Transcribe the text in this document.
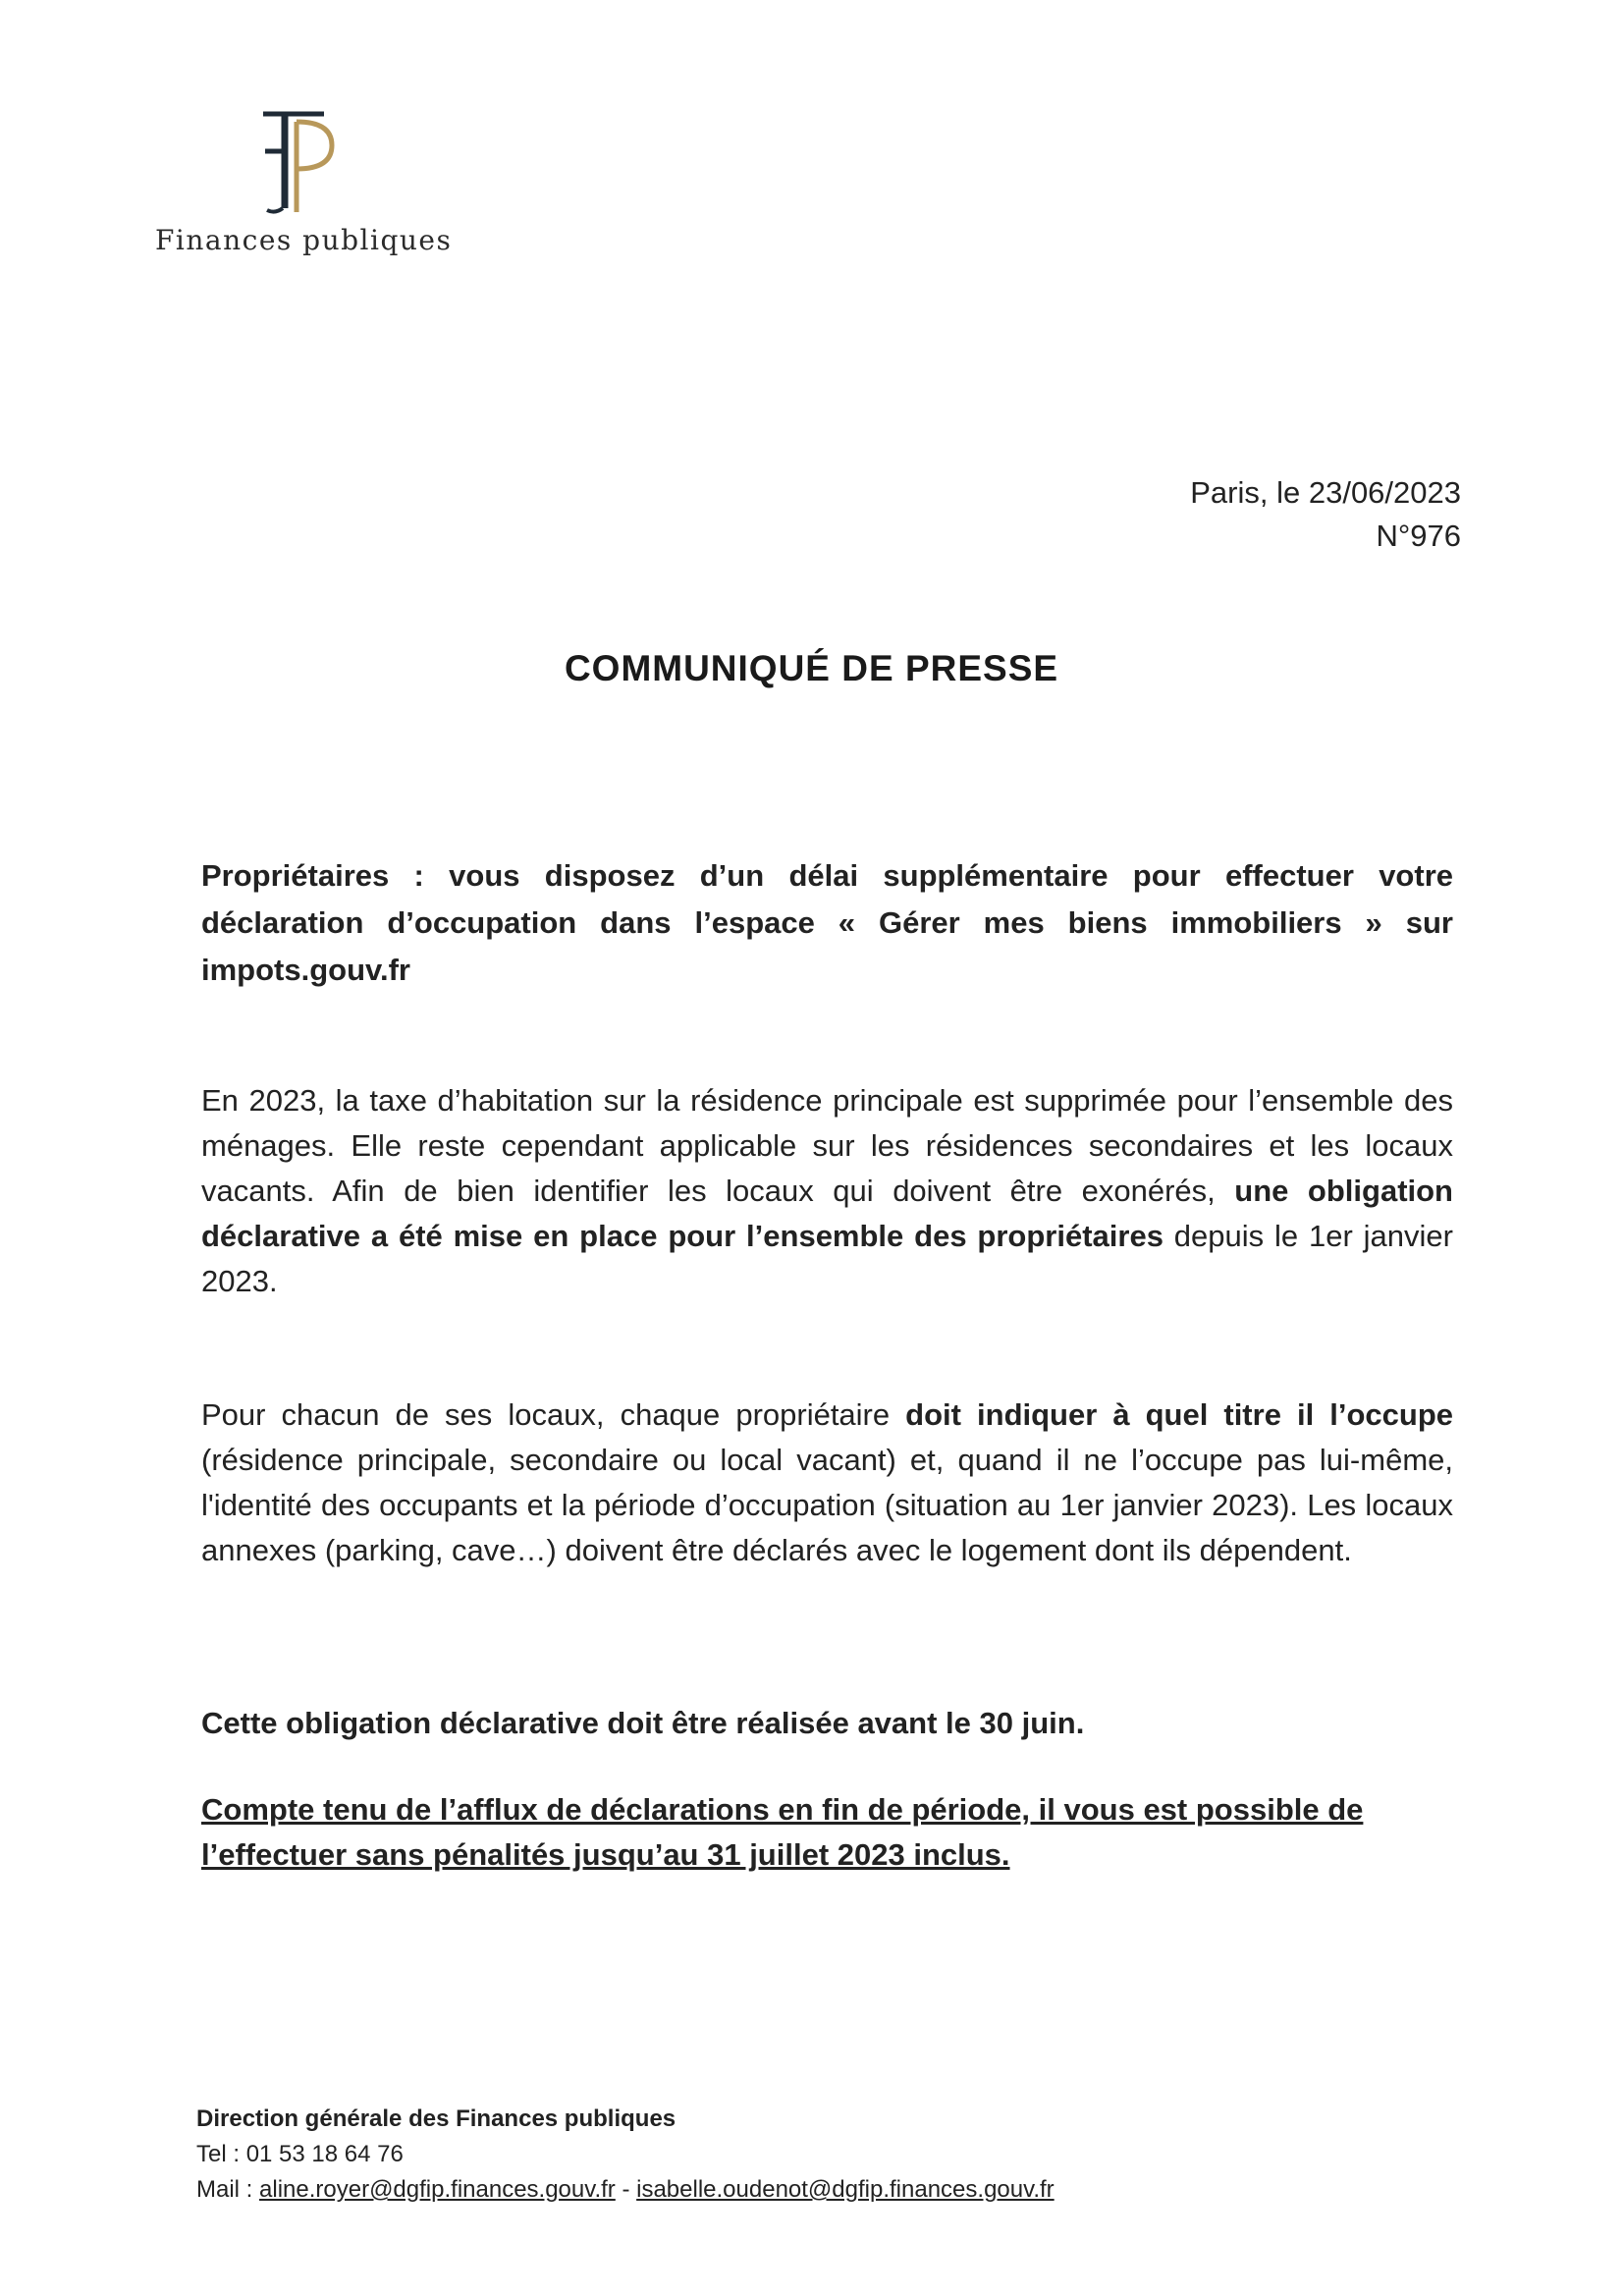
Finances publiques
Paris, le 23/06/2023
N°976
COMMUNIQUÉ DE PRESSE
Propriétaires : vous disposez d’un délai supplémentaire pour effectuer votre déclaration d’occupation dans l’espace « Gérer mes biens immobiliers » sur impots.gouv.fr
En 2023, la taxe d’habitation sur la résidence principale est supprimée pour l’ensemble des ménages. Elle reste cependant applicable sur les résidences secondaires et les locaux vacants. Afin de bien identifier les locaux qui doivent être exonérés, une obligation déclarative a été mise en place pour l’ensemble des propriétaires depuis le 1er janvier 2023.
Pour chacun de ses locaux, chaque propriétaire doit indiquer à quel titre il l’occupe (résidence principale, secondaire ou local vacant) et, quand il ne l’occupe pas lui-même, l'identité des occupants et la période d’occupation (situation au 1er janvier 2023). Les locaux annexes (parking, cave…) doivent être déclarés avec le logement dont ils dépendent.
Cette obligation déclarative doit être réalisée avant le 30 juin.
Compte tenu de l’afflux de déclarations en fin de période, il vous est possible de l’effectuer sans pénalités jusqu’au 31 juillet 2023 inclus.
Direction générale des Finances publiques
Tel : 01 53 18 64 76
Mail : aline.royer@dgfip.finances.gouv.fr - isabelle.oudenot@dgfip.finances.gouv.fr
